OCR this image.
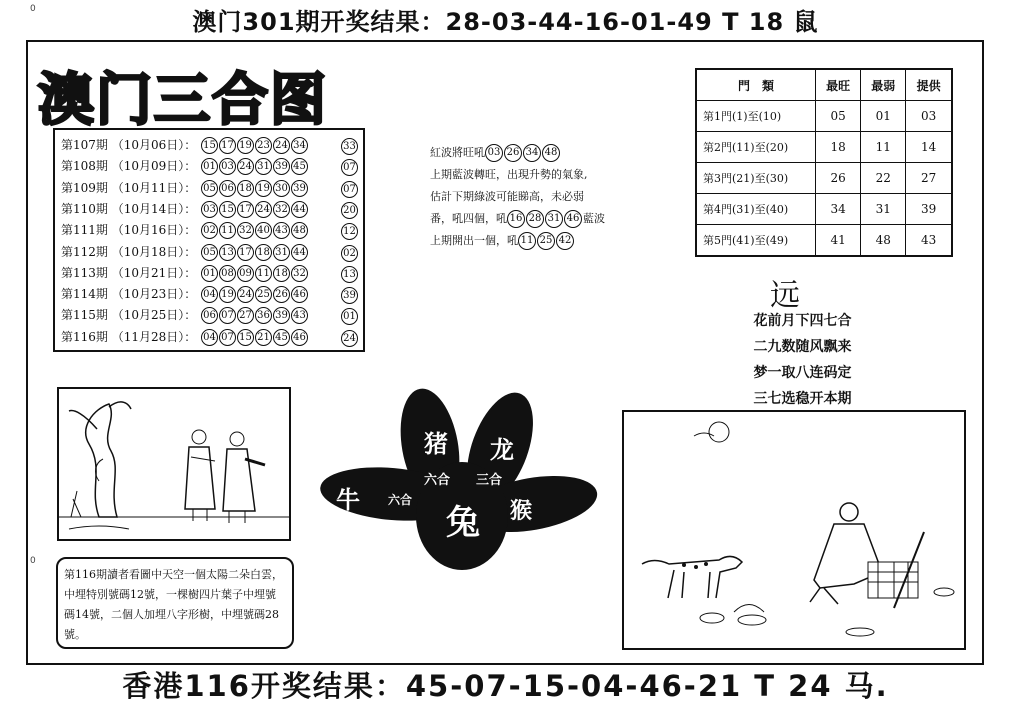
0
0
澳门301期开奖结果：28-03-44-16-01-49 T 18 鼠
澳门三合图
第107期 （10月06日）： 15 17 19 23 24 34	33
第108期 （10月09日）： 01 03 24 31 39 45	07
第109期 （10月11日）： 05 06 18 19 30 39	07
第110期 （10月14日）： 03 15 17 24 32 44	20
第111期 （10月16日）： 02 11 32 40 43 48	12
第112期 （10月18日）： 05 13 17 18 31 44	02
第113期 （10月21日）： 01 08 09 11 18 32	13
第114期 （10月23日）： 04 19 24 25 26 46	39
第115期 （10月25日）： 06 07 27 36 39 43	01
第116期 （11月28日）： 04 07 15 21 45 46	24
紅波將旺吼 03 26 34 48
上期藍波轉旺，出現升勢的氣象,
估計下期綠波可能睇高，未必弱
番，吼四個，吼 16 28 31 46 藍波
上期開出一個，吼 11 25 42
門　類	最旺	最弱	提供
第1門(1)至(10)	05	01	03
第2門(11)至(20)	18	11	14
第3門(21)至(30)	26	22	27
第4門(31)至(40)	34	31	39
第5門(41)至(49)	41	48	43
远
花前月下四七合
二九数随风飘来
梦一取八连码定
三七选稳开本期
猪 龙
牛	猴
兔
六合 三合
六合
第116期讀者看圖中天空一個太陽二朵白雲，中埋特別號碼12號，一棵樹四片葉子中埋號碼14號，二個人加埋八字形樹，中埋號碼28號。
香港116开奖结果：45-07-15-04-46-21 T 24 马.
